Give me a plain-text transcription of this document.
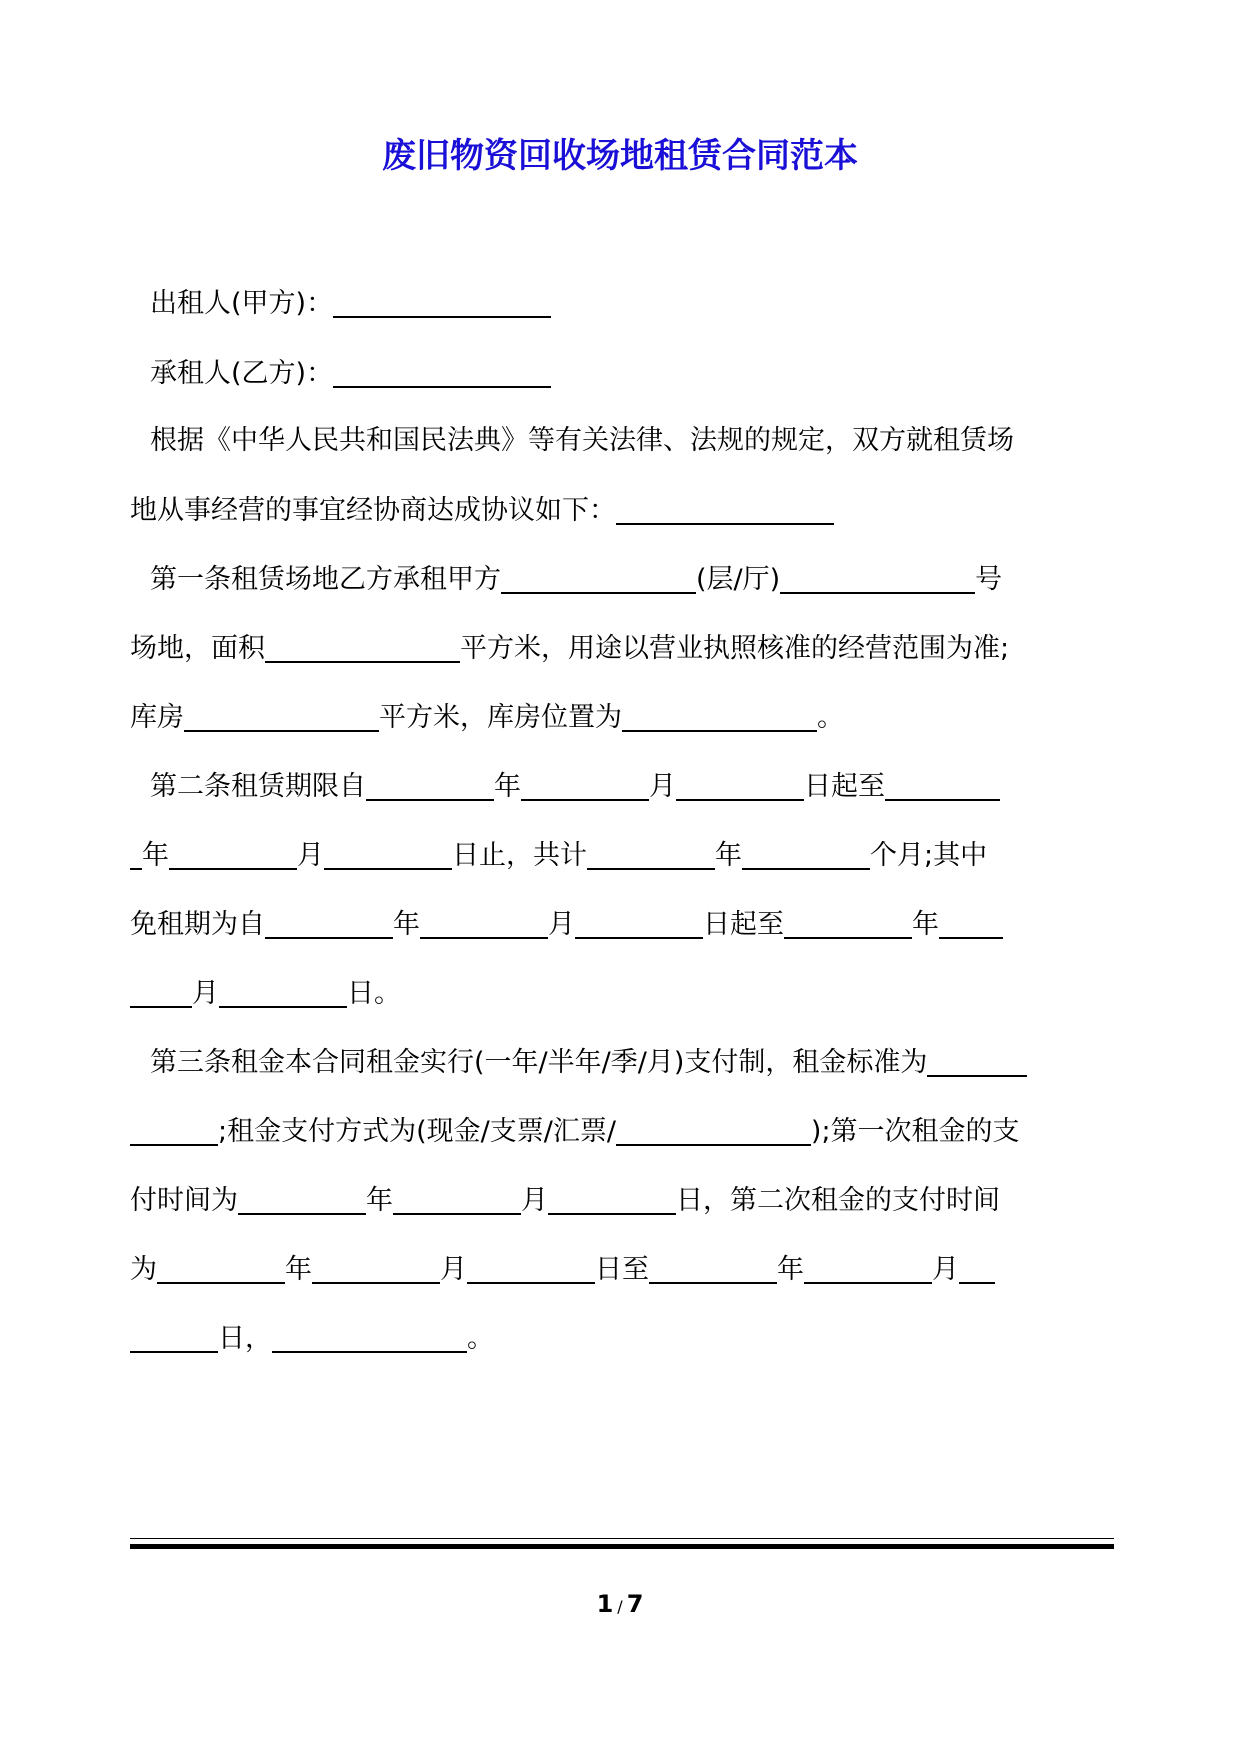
废旧物资回收场地租赁合同范本
出租人(甲方)：
承租人(乙方)：
根据《中华人民共和国民法典》等有关法律、法规的规定，双方就租赁场
地从事经营的事宜经协商达成协议如下：
第一条租赁场地乙方承租甲方	(层/厅)	号
场地，面积	平方米，用途以营业执照核准的经营范围为准;
库房	平方米，库房位置为	。
第二条租赁期限自	年	月	日起至
年	月	日止，共计	年	个月;其中
免租期为自	年	月	日起至	年
月	日。
第三条租金本合同租金实行(一年/半年/季/月)支付制，租金标准为
;租金支付方式为(现金/支票/汇票/	);第一次租金的支
付时间为	年	月	日，第二次租金的支付时间
为	年	月	日至	年	月
日，	。
1 / 7
